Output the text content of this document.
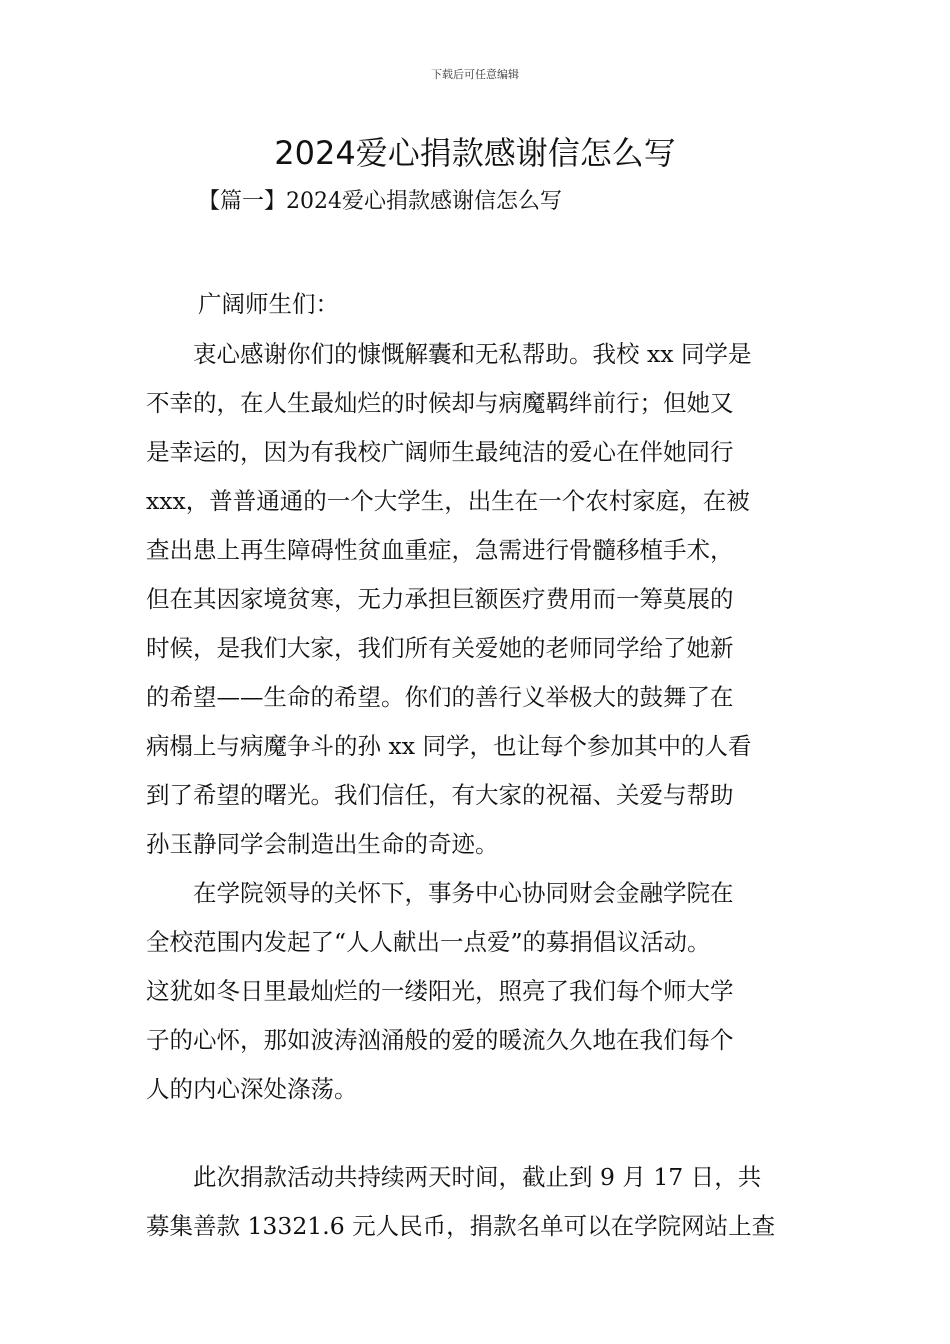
下载后可任意编辑
2024爱心捐款感谢信怎么写
【篇一】2024爱心捐款感谢信怎么写
广阔师生们：
　　衷心感谢你们的慷慨解囊和无私帮助。我校 xx 同学是
不幸的，在人生最灿烂的时候却与病魔羁绊前行；但她又
是幸运的，因为有我校广阔师生最纯洁的爱心在伴她同行
xxx，普普通通的一个大学生，出生在一个农村家庭，在被
查出患上再生障碍性贫血重症，急需进行骨髓移植手术，
但在其因家境贫寒，无力承担巨额医疗费用而一筹莫展的
时候，是我们大家，我们所有关爱她的老师同学给了她新
的希望——生命的希望。你们的善行义举极大的鼓舞了在
病榻上与病魔争斗的孙 xx 同学，也让每个参加其中的人看
到了希望的曙光。我们信任，有大家的祝福、关爱与帮助
孙玉静同学会制造出生命的奇迹。
　　在学院领导的关怀下，事务中心协同财会金融学院在
全校范围内发起了“人人献出一点爱”的募捐倡议活动。
这犹如冬日里最灿烂的一缕阳光，照亮了我们每个师大学
子的心怀，那如波涛汹涌般的爱的暖流久久地在我们每个
人的内心深处涤荡。
　　此次捐款活动共持续两天时间，截止到 9 月 17 日，共
募集善款 13321.6 元人民币，捐款名单可以在学院网站上查
